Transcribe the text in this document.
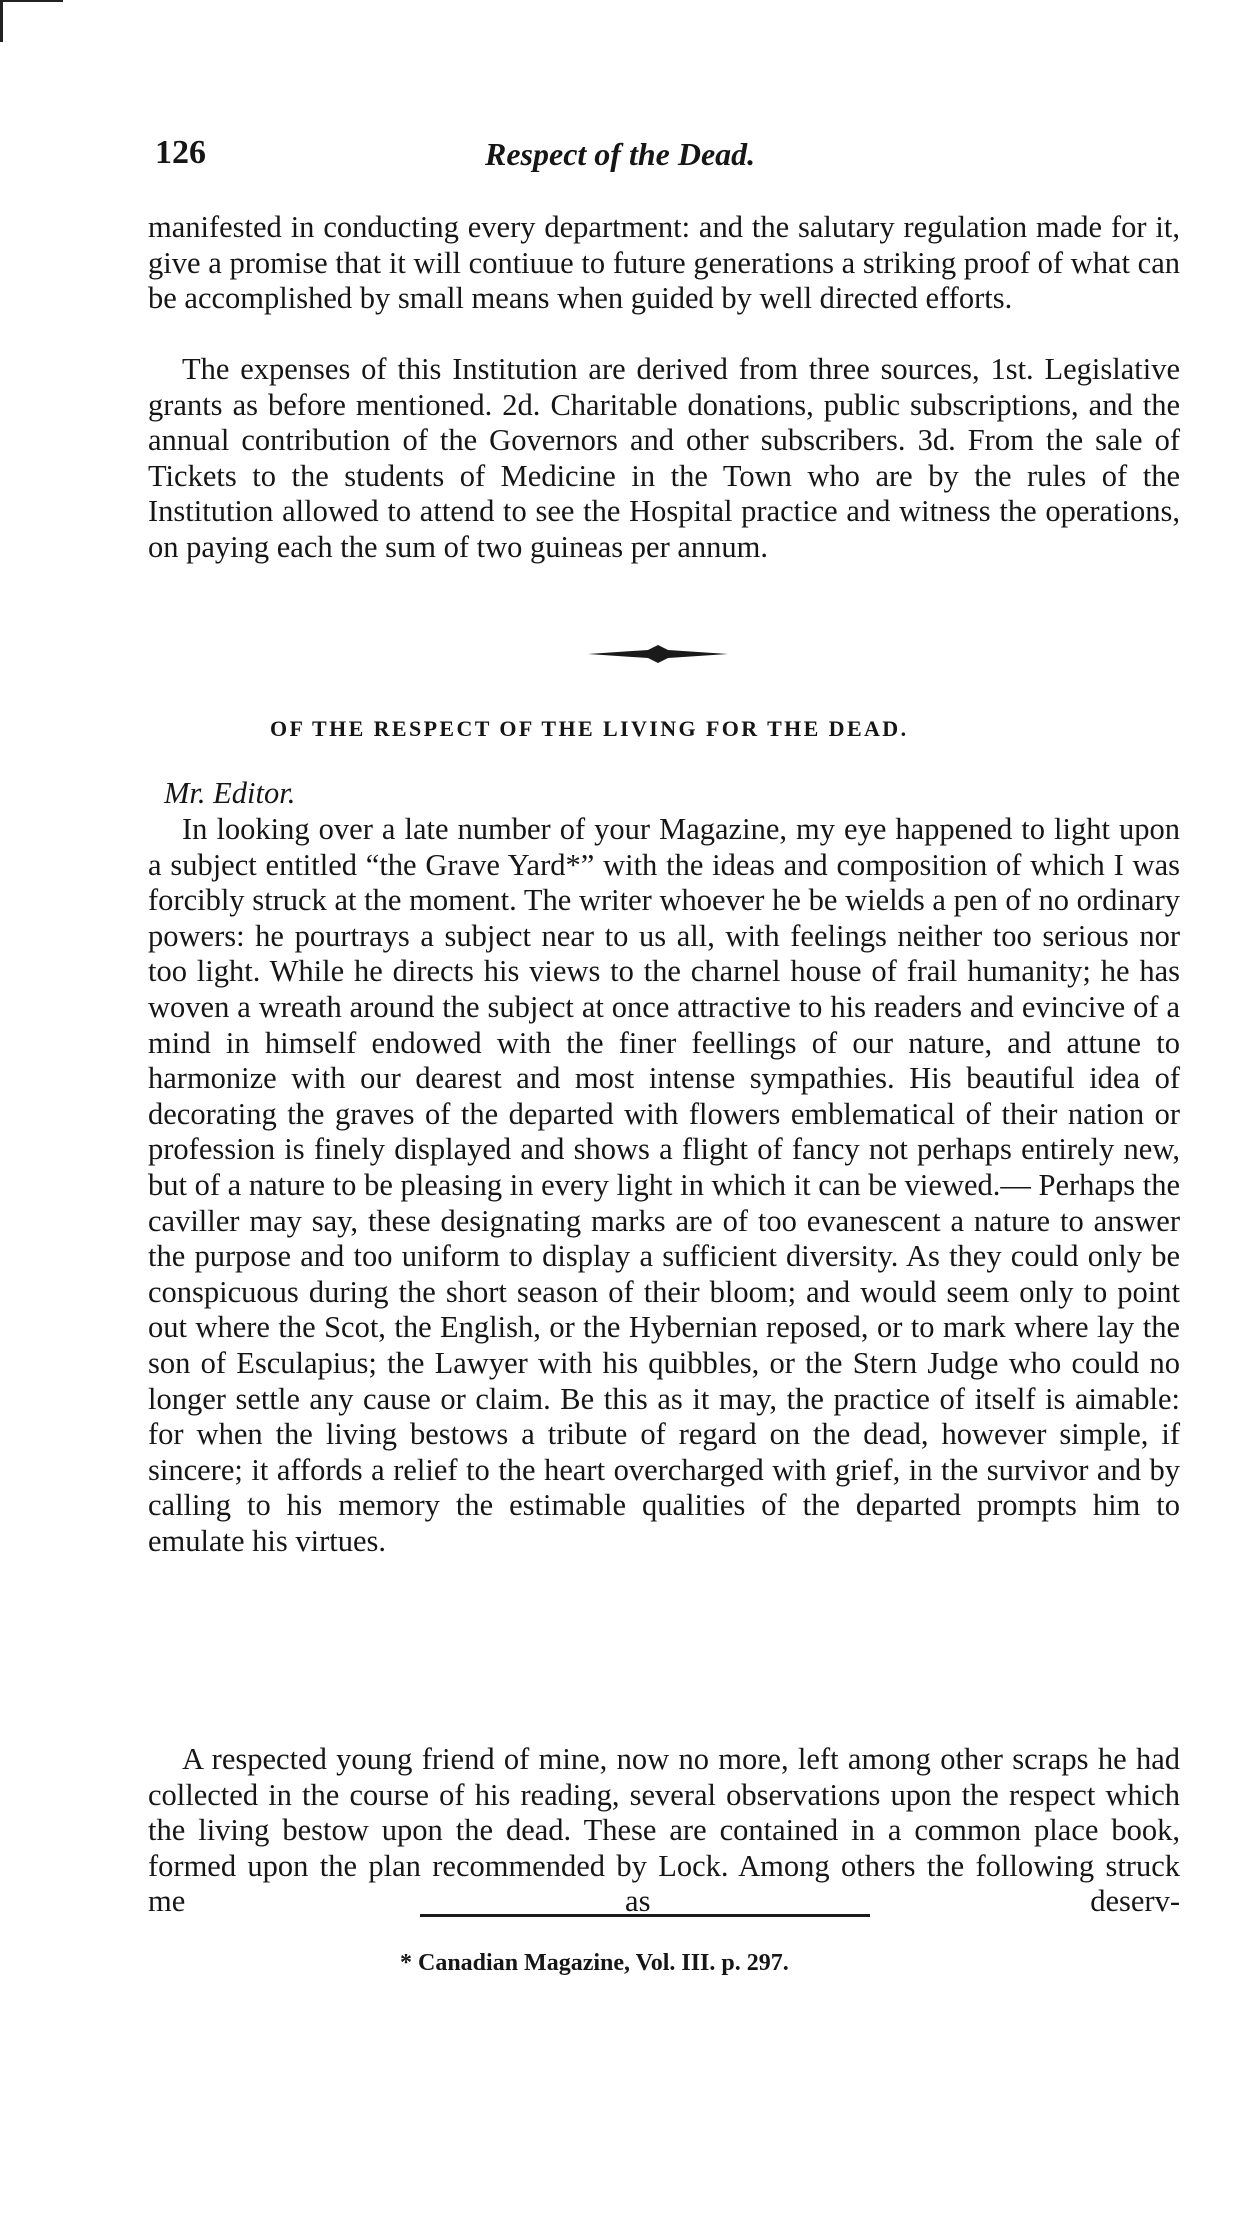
126	Respect of the Dead.

manifested in conducting every department: and the salutary regulation made for it, give a promise that it will contiuue to future generations a striking proof of what can be accomplished by small means when guided by well directed efforts.

The expenses of this Institution are derived from three sources, 1st. Legislative grants as before mentioned. 2d. Charitable donations, public subscriptions, and the annual contribution of the Governors and other subscribers. 3d. From the sale of Tickets to the students of Medicine in the Town who are by the rules of the Institution allowed to attend to see the Hospital practice and witness the operations, on paying each the sum of two guineas per annum.

OF THE RESPECT OF THE LIVING FOR THE DEAD.
Mr. Editor.

In looking over a late number of your Magazine, my eye happened to light upon a subject entitled “the Grave Yard*” with the ideas and composition of which I was forcibly struck at the moment. The writer whoever he be wields a pen of no ordinary powers: he pourtrays a subject near to us all, with feelings neither too serious nor too light. While he directs his views to the charnel house of frail humanity; he has woven a wreath around the subject at once attractive to his readers and evincive of a mind in himself endowed with the finer feellings of our nature, and attune to harmonize with our dearest and most intense sympathies. His beautiful idea of decorating the graves of the departed with flowers emblematical of their nation or profession is finely displayed and shows a flight of fancy not perhaps entirely new, but of a nature to be pleasing in every light in which it can be viewed.— Perhaps the caviller may say, these designating marks are of too evanescent a nature to answer the purpose and too uniform to display a sufficient diversity. As they could only be conspicuous during the short season of their bloom; and would seem only to point out where the Scot, the English, or the Hybernian reposed, or to mark where lay the son of Esculapius; the Lawyer with his quibbles, or the Stern Judge who could no longer settle any cause or claim. Be this as it may, the practice of itself is aimable: for when the living bestows a tribute of regard on the dead, however simple, if sincere; it affords a relief to the heart overcharged with grief, in the survivor and by calling to his memory the estimable qualities of the departed prompts him to emulate his virtues.

A respected young friend of mine, now no more, left among other scraps he had collected in the course of his reading, several observations upon the respect which the living bestow upon the dead. These are contained in a common place book, formed upon the plan recommended by Lock. Among others the following struck me as deserv-

* Canadian Magazine, Vol. III. p. 297.
